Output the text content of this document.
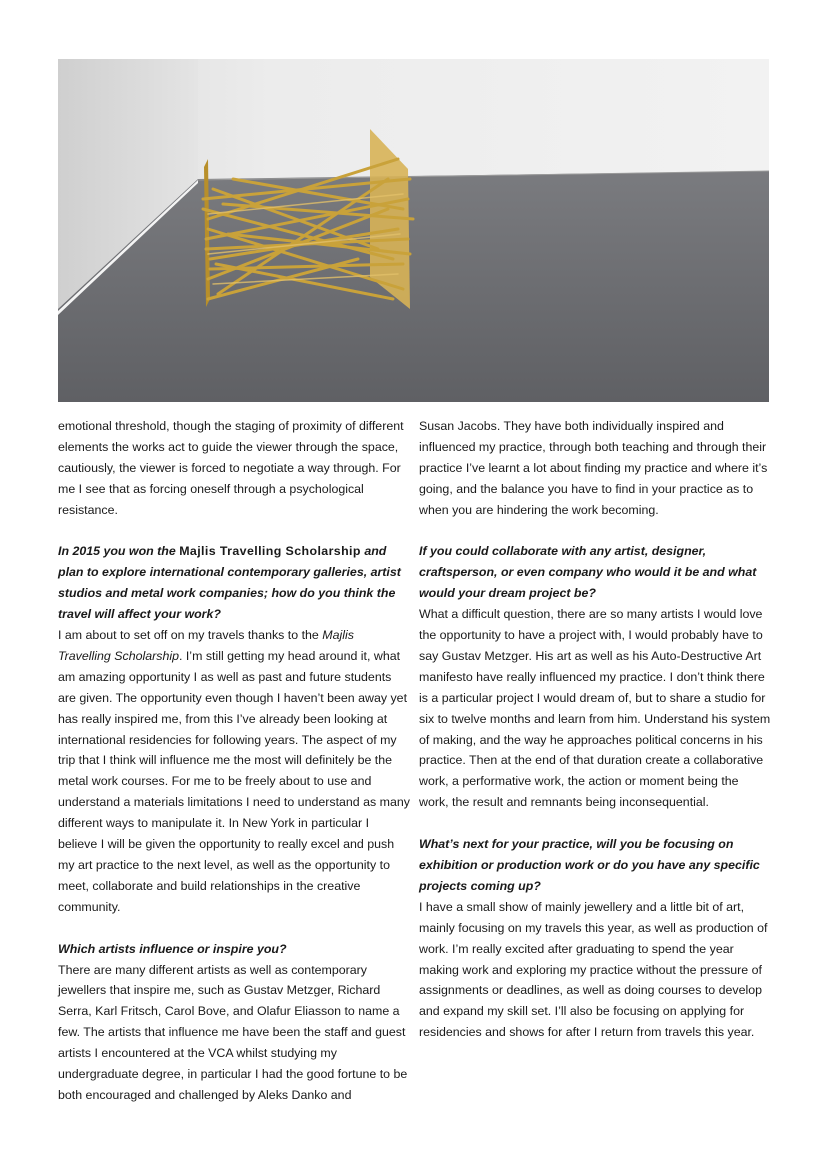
emotional threshold, though the staging of proximity of different elements the works act to guide the viewer through the space, cautiously, the viewer is forced to negotiate a way through. For me I see that as forcing oneself through a psychological resistance.

In 2015 you won the Majlis Travelling Scholarship and plan to explore international contemporary galleries, artist studios and metal work companies; how do you think the travel will affect your work?

I am about to set off on my travels thanks to the Majlis Travelling Scholarship. I’m still getting my head around it, what am amazing opportunity I as well as past and future students are given. The opportunity even though I haven’t been away yet has really inspired me, from this I’ve already been looking at international residencies for following years. The aspect of my trip that I think will influence me the most will definitely be the metal work courses. For me to be freely about to use and understand a materials limitations I need to understand as many different ways to manipulate it. In New York in particular I believe I will be given the opportunity to really excel and push my art practice to the next level, as well as the opportunity to meet, collaborate and build relationships in the creative community.

Which artists influence or inspire you?

There are many different artists as well as contemporary jewellers that inspire me, such as Gustav Metzger, Richard Serra, Karl Fritsch, Carol Bove, and Olafur Eliasson to name a few. The artists that influence me have been the staff and guest artists I encountered at the VCA whilst studying my undergraduate degree, in particular I had the good fortune to be both encouraged and challenged by Aleks Danko and

Susan Jacobs. They have both individually inspired and influenced my practice, through both teaching and through their practice I’ve learnt a lot about finding my practice and where it’s going, and the balance you have to find in your practice as to when you are hindering the work becoming.

If you could collaborate with any artist, designer, craftsperson, or even company who would it be and what would your dream project be?

What a difficult question, there are so many artists I would love the opportunity to have a project with, I would probably have to say Gustav Metzger. His art as well as his Auto-Destructive Art manifesto have really influenced my practice. I don’t think there is a particular project I would dream of, but to share a studio for six to twelve months and learn from him. Understand his system of making, and the way he approaches political concerns in his practice. Then at the end of that duration create a collaborative work, a performative work, the action or moment being the work, the result and remnants being inconsequential.

What’s next for your practice, will you be focusing on exhibition or production work or do you have any specific projects coming up?

I have a small show of mainly jewellery and a little bit of art, mainly focusing on my travels this year, as well as production of work. I’m really excited after graduating to spend the year making work and exploring my practice without the pressure of assignments or deadlines, as well as doing courses to develop and expand my skill set. I’ll also be focusing on applying for residencies and shows for after I return from travels this year.
